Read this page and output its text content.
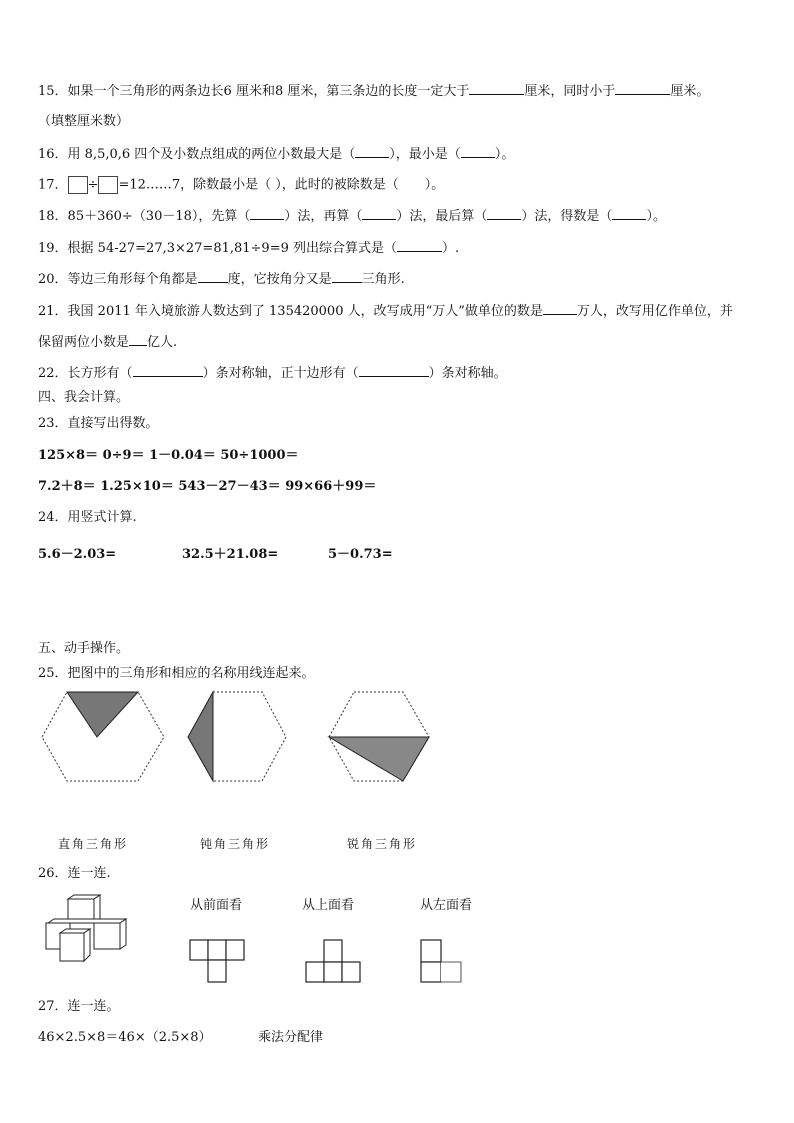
15．如果一个三角形的两条边长6 厘米和8 厘米，第三条边的长度一定大于	厘米，同时小于	厘米。
（填整厘米数）
16．用 8,5,0,6 四个及小数点组成的两位小数最大是（	），最小是（	）。
17． ÷ =12……7，除数最小是（ ），此时的被除数是（　　）。
18．85＋360÷（30－18），先算（	）法，再算（	）法，最后算（	）法，得数是（	）。
19．根据 54-27=27,3×27=81,81÷9=9 列出综合算式是（	）.
20．等边三角形每个角都是 度，它按角分又是 三角形.
21．我国 2011 年入境旅游人数达到了 135420000 人，改写成用“万人”做单位的数是	万人，改写用亿作单位，并
保留两位小数是 亿人.
22．长方形有（	）条对称轴，正十边形有（	）条对称轴。
四、我会计算。
23．直接写出得数。
125×8＝ 0÷9＝ 1－0.04＝ 50÷1000＝
7.2＋8＝ 1.25×10＝ 543－27－43＝ 99×66＋99＝
24．用竖式计算.
5.6－2.03=	32.5＋21.08=	5－0.73=
五、动手操作。
25．把图中的三角形和相应的名称用线连起来。
直角三角形	钝角三角形	锐角三角形
26．连一连.
从前面看	从上面看	从左面看
27．连一连。
46×2.5×8＝46×（2.5×8）	乘法分配律
